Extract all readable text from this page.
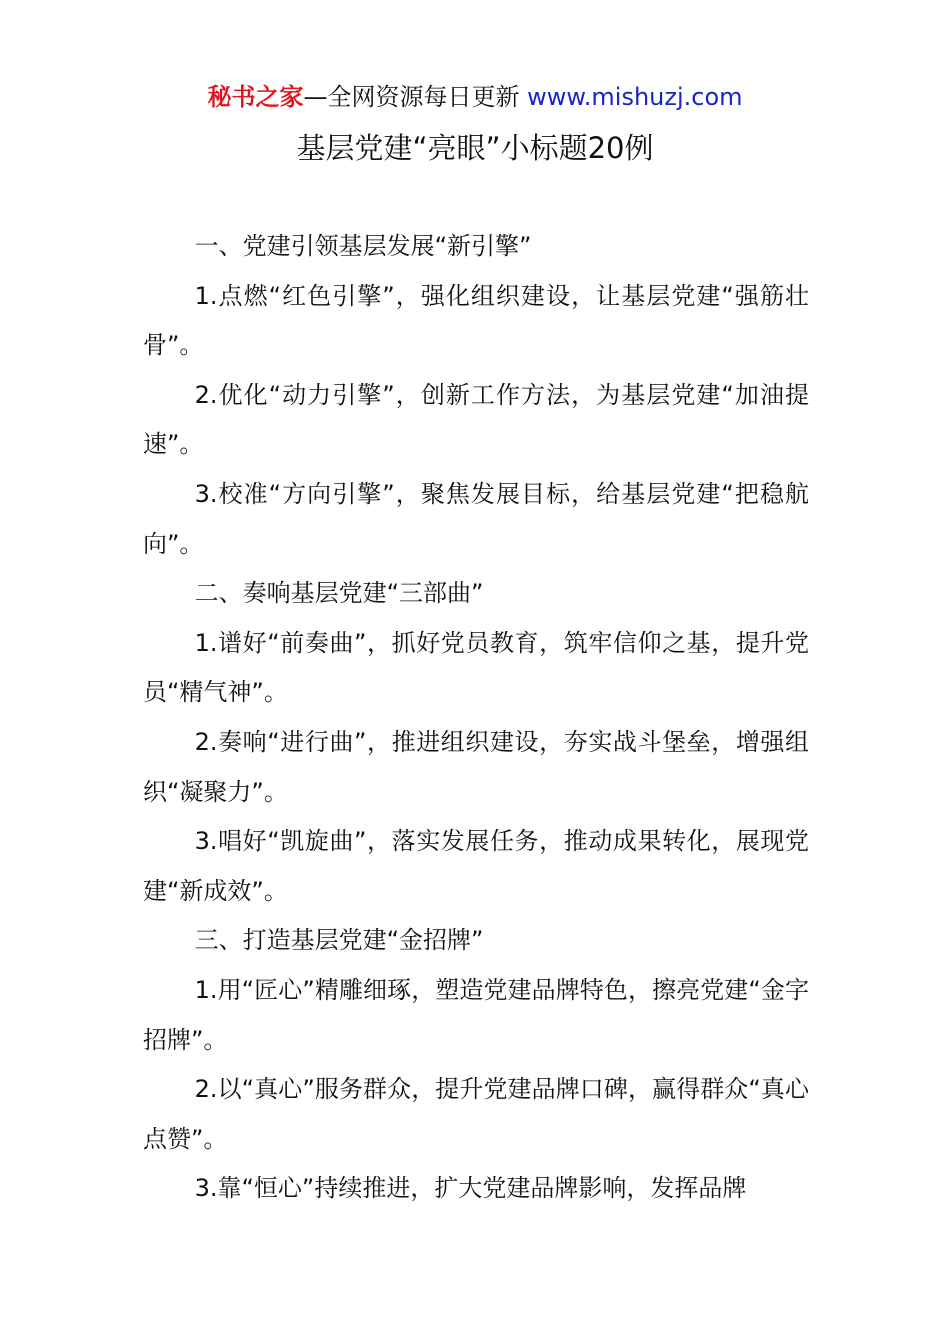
秘书之家—全网资源每日更新 www.mishuzj.com
基层党建“亮眼”小标题20例

一、党建引领基层发展“新引擎”

1.点燃“红色引擎”，强化组织建设，让基层党建“强筋壮骨”。

2.优化“动力引擎”，创新工作方法，为基层党建“加油提速”。

3.校准“方向引擎”，聚焦发展目标，给基层党建“把稳航向”。

二、奏响基层党建“三部曲”

1.谱好“前奏曲”，抓好党员教育，筑牢信仰之基，提升党员“精气神”。

2.奏响“进行曲”，推进组织建设，夯实战斗堡垒，增强组织“凝聚力”。

3.唱好“凯旋曲”，落实发展任务，推动成果转化，展现党建“新成效”。

三、打造基层党建“金招牌”

1.用“匠心”精雕细琢，塑造党建品牌特色，擦亮党建“金字招牌”。

2.以“真心”服务群众，提升党建品牌口碑，赢得群众“真心点赞”。

3.靠“恒心”持续推进，扩大党建品牌影响，发挥品牌
